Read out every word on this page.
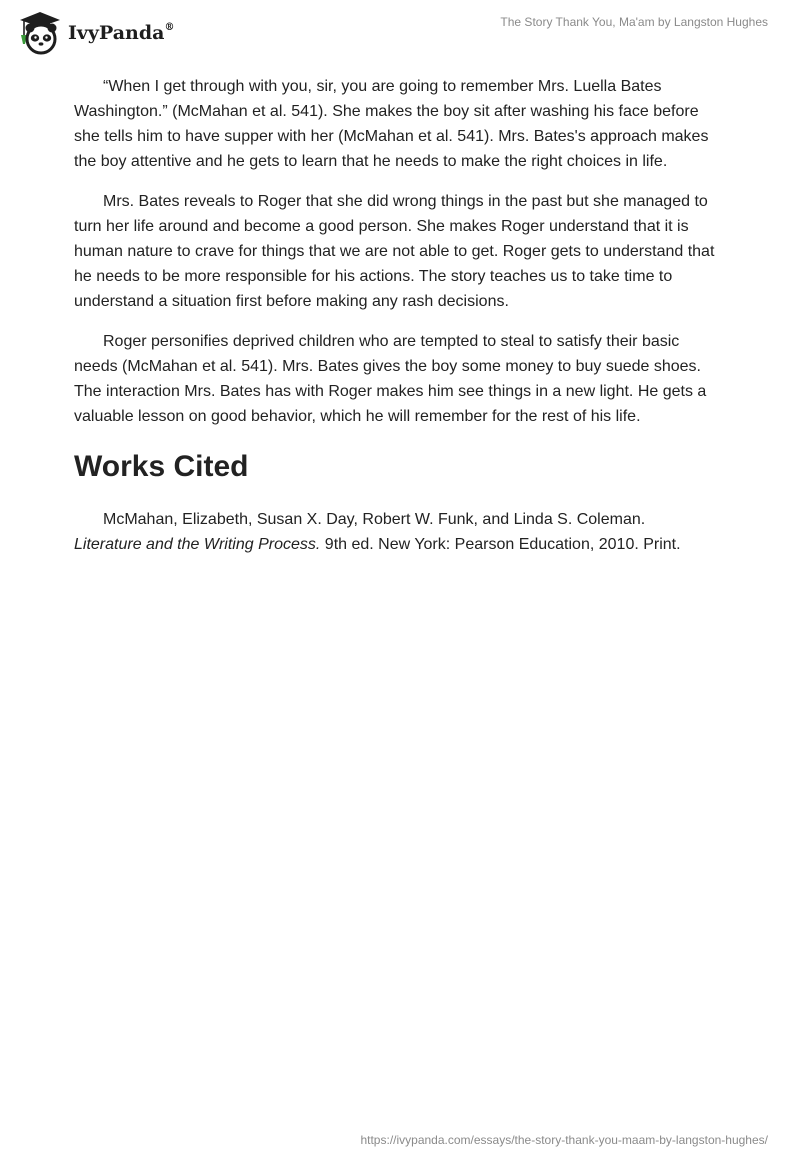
IvyPanda®	The Story Thank You, Ma'am by Langston Hughes

“When I get through with you, sir, you are going to remember Mrs. Luella Bates Washington.” (McMahan et al. 541). She makes the boy sit after washing his face before she tells him to have supper with her (McMahan et al. 541). Mrs. Bates's approach makes the boy attentive and he gets to learn that he needs to make the right choices in life.

Mrs. Bates reveals to Roger that she did wrong things in the past but she managed to turn her life around and become a good person. She makes Roger understand that it is human nature to crave for things that we are not able to get. Roger gets to understand that he needs to be more responsible for his actions. The story teaches us to take time to understand a situation first before making any rash decisions.

Roger personifies deprived children who are tempted to steal to satisfy their basic needs (McMahan et al. 541). Mrs. Bates gives the boy some money to buy suede shoes. The interaction Mrs. Bates has with Roger makes him see things in a new light. He gets a valuable lesson on good behavior, which he will remember for the rest of his life.

Works Cited

McMahan, Elizabeth, Susan X. Day, Robert W. Funk, and Linda S. Coleman.
Literature and the Writing Process. 9th ed. New York: Pearson Education, 2010. Print.

https://ivypanda.com/essays/the-story-thank-you-maam-by-langston-hughes/
